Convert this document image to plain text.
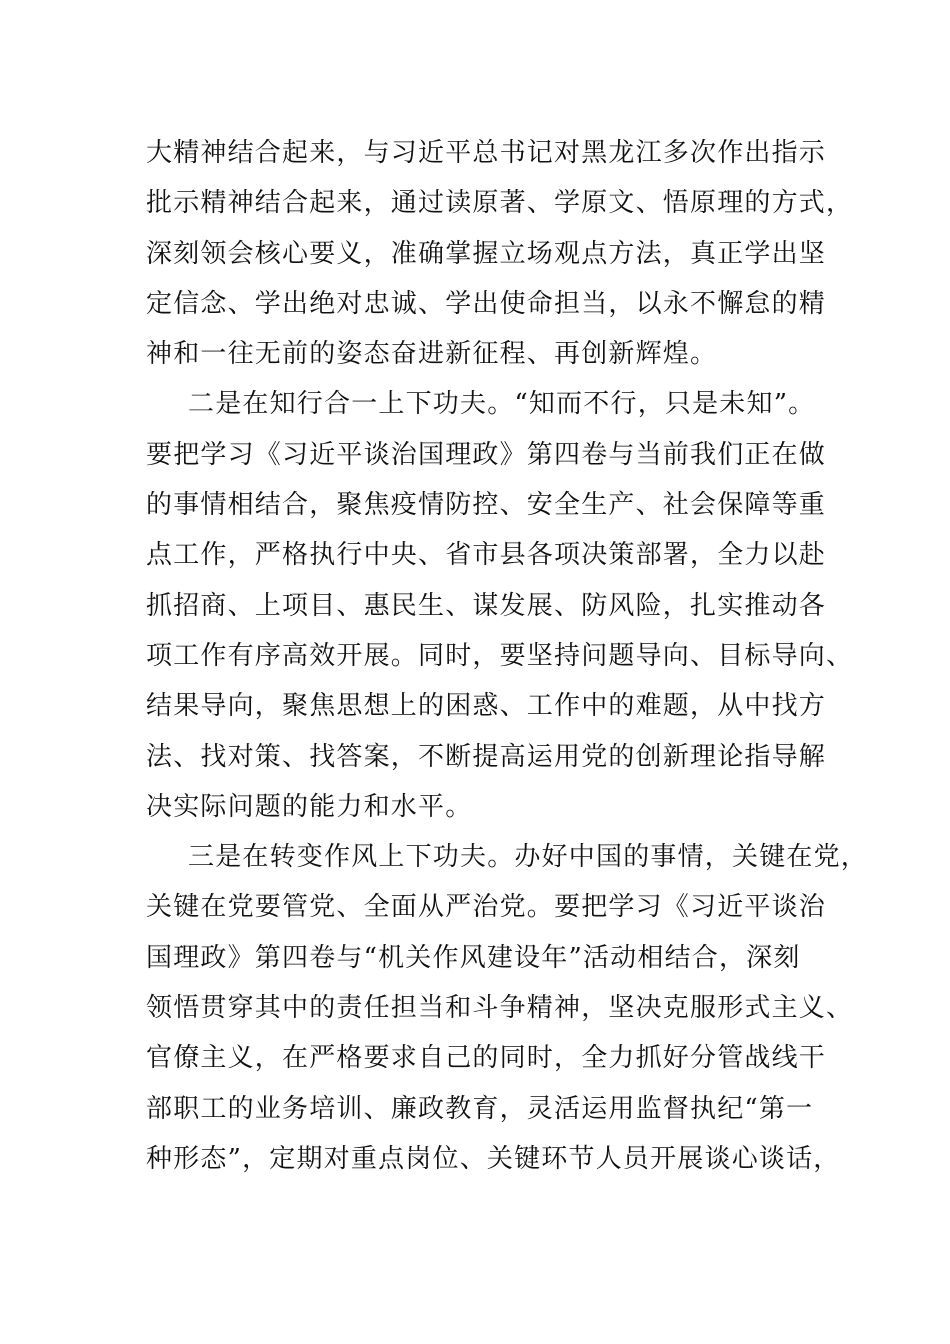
大精神结合起来，与习近平总书记对黑龙江多次作出指示
批示精神结合起来，通过读原著、学原文、悟原理的方式，
深刻领会核心要义，准确掌握立场观点方法，真正学出坚
定信念、学出绝对忠诚、学出使命担当，以永不懈怠的精
神和一往无前的姿态奋进新征程、再创新辉煌。
二是在知行合一上下功夫。“知而不行，只是未知”。
要把学习《习近平谈治国理政》第四卷与当前我们正在做
的事情相结合，聚焦疫情防控、安全生产、社会保障等重
点工作，严格执行中央、省市县各项决策部署，全力以赴
抓招商、上项目、惠民生、谋发展、防风险，扎实推动各
项工作有序高效开展。同时，要坚持问题导向、目标导向、
结果导向，聚焦思想上的困惑、工作中的难题，从中找方
法、找对策、找答案，不断提高运用党的创新理论指导解
决实际问题的能力和水平。
三是在转变作风上下功夫。办好中国的事情，关键在党，
关键在党要管党、全面从严治党。要把学习《习近平谈治
国理政》第四卷与“机关作风建设年”活动相结合，深刻
领悟贯穿其中的责任担当和斗争精神，坚决克服形式主义、
官僚主义，在严格要求自己的同时，全力抓好分管战线干
部职工的业务培训、廉政教育，灵活运用监督执纪“第一
种形态”，定期对重点岗位、关键环节人员开展谈心谈话，
